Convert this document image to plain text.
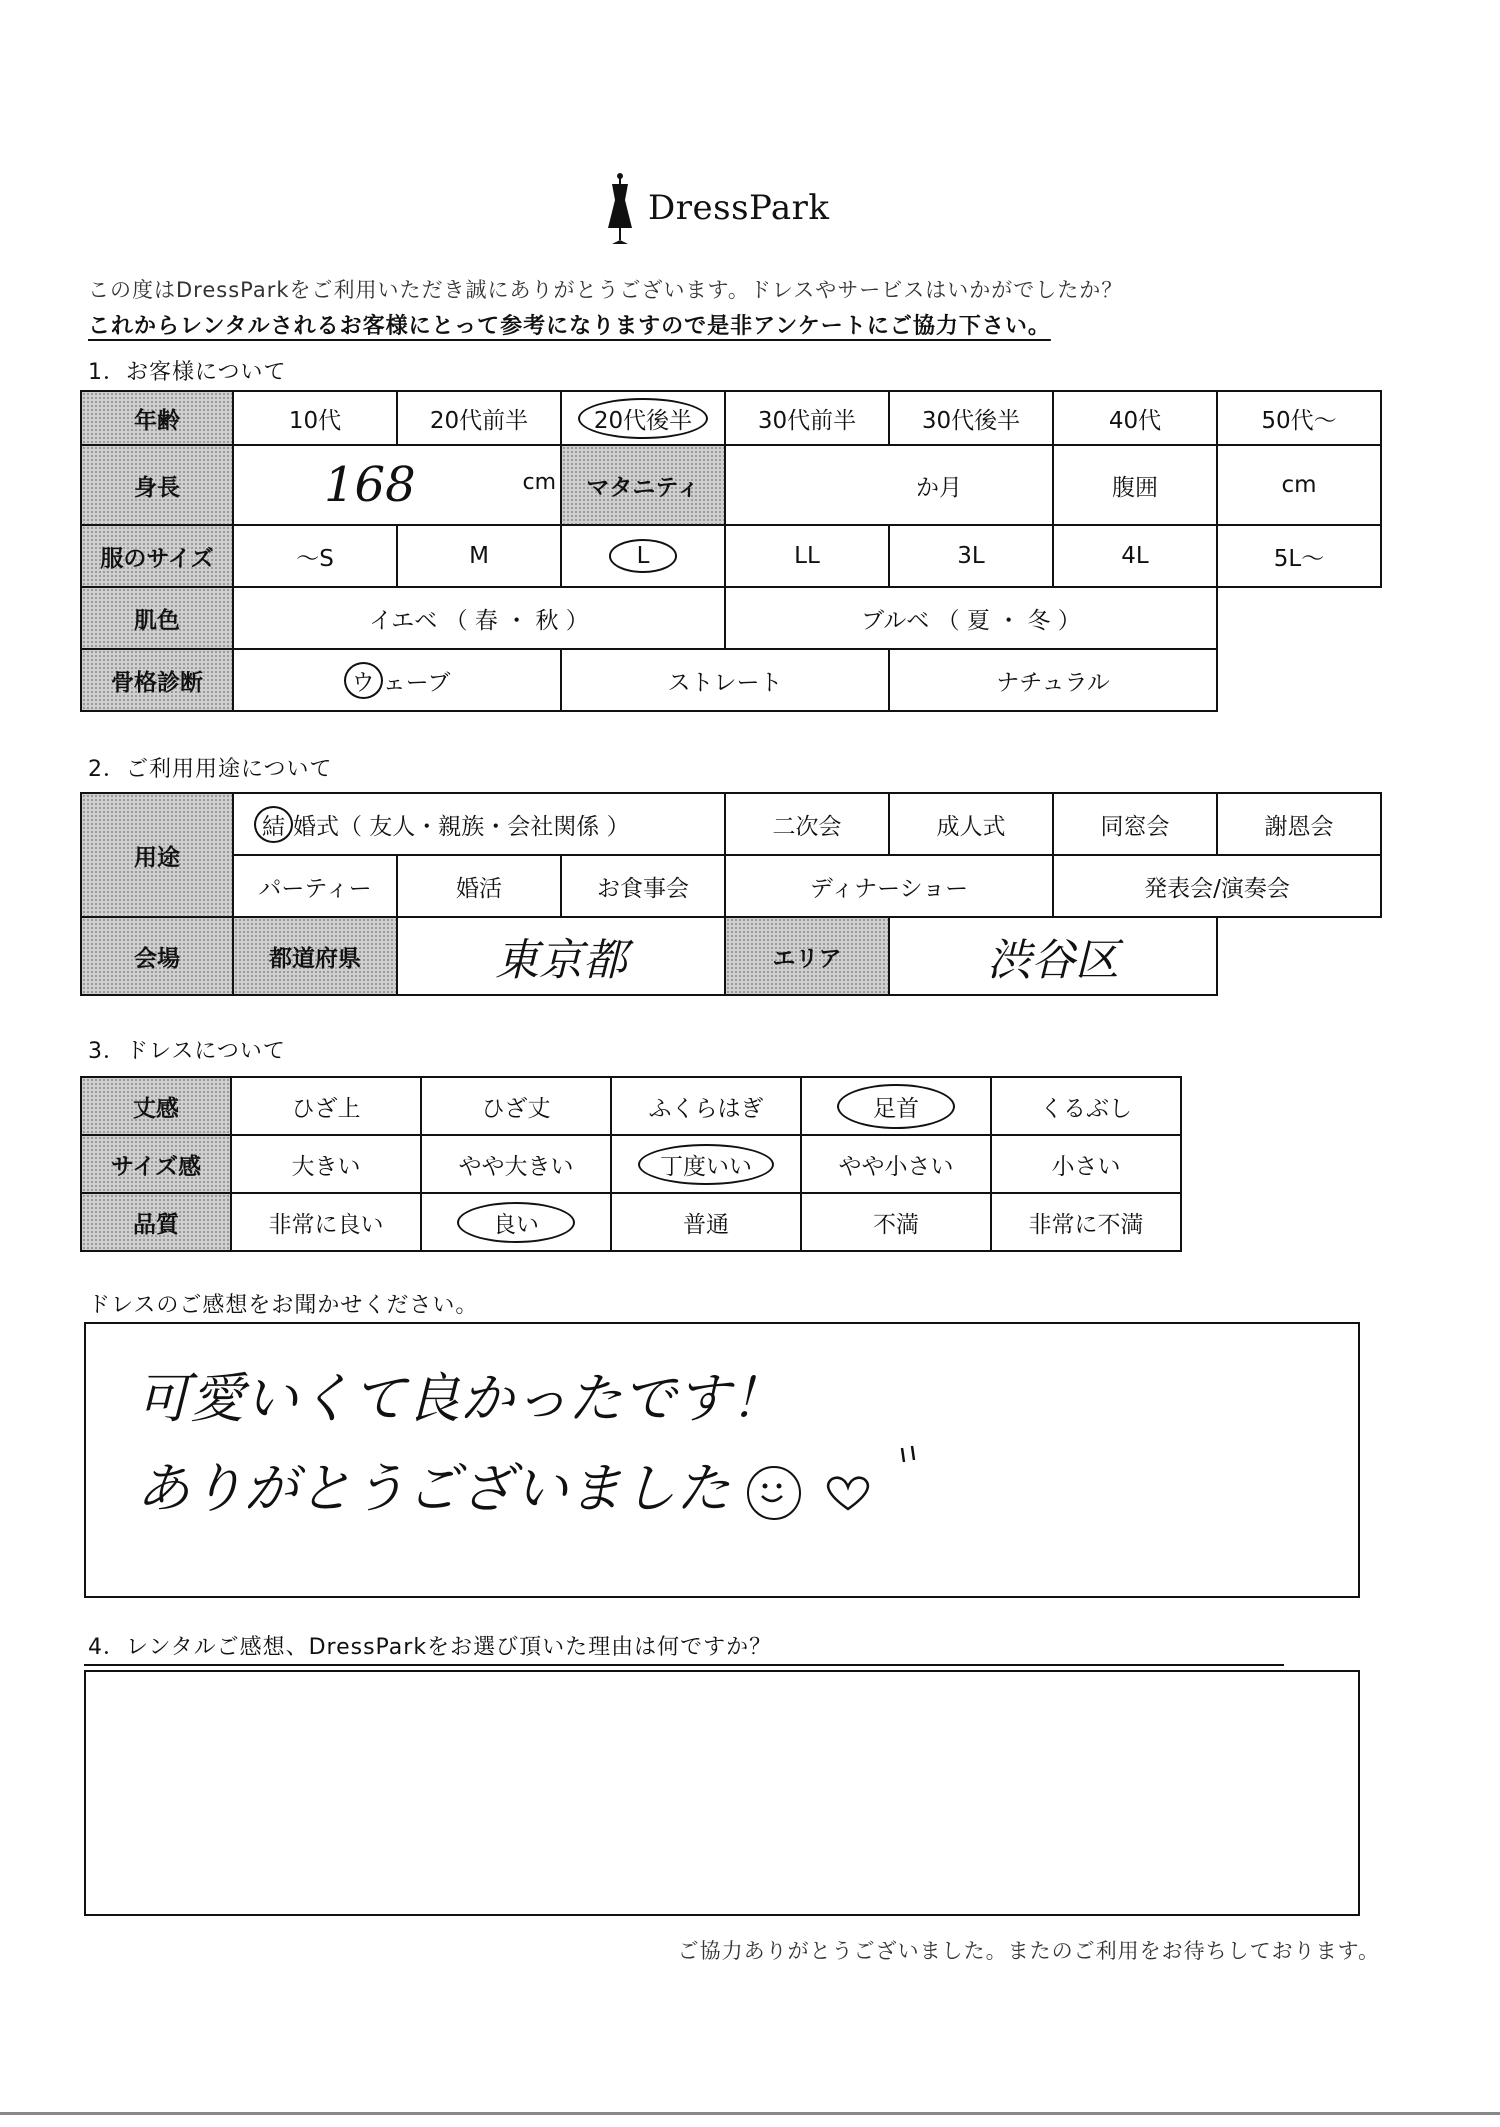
DressPark
この度はDressParkをご利用いただき誠にありがとうございます。ドレスやサービスはいかがでしたか？
これからレンタルされるお客様にとって参考になりますので是非アンケートにご協力下さい。
1．お客様について
年齢	10代	20代前半	20代後半	30代前半	30代後半	40代	50代～
身長	168 cm		マタニティ	か月		腹囲	cm
服のサイズ	～S	M	L	LL	3L	4L	5L～
肌色	イエベ （ 春 ・ 秋 ）			ブルベ （ 夏 ・ 冬 ）			
骨格診断	ウ ェーブ		ストレート		ナチュラル		
2．ご利用用途について
用途	結 婚式（ 友人・親族・会社関係 ）			二次会	成人式	同窓会	謝恩会
	パーティー	婚活	お食事会	ディナーショー		発表会/演奏会	
会場	都道府県	東京都		エリア	渋谷区		
3．ドレスについて
丈感	ひざ上	ひざ丈	ふくらはぎ	足首	くるぶし
サイズ感	大きい	やや大きい	丁度いい	やや小さい	小さい
品質	非常に良い	良い	普通	不満	非常に不満
ドレスのご感想をお聞かせください。
可愛いくて良かったです！
ありがとうございました

4．レンタルご感想、DressParkをお選び頂いた理由は何ですか？
ご協力ありがとうございました。またのご利用をお待ちしております。
